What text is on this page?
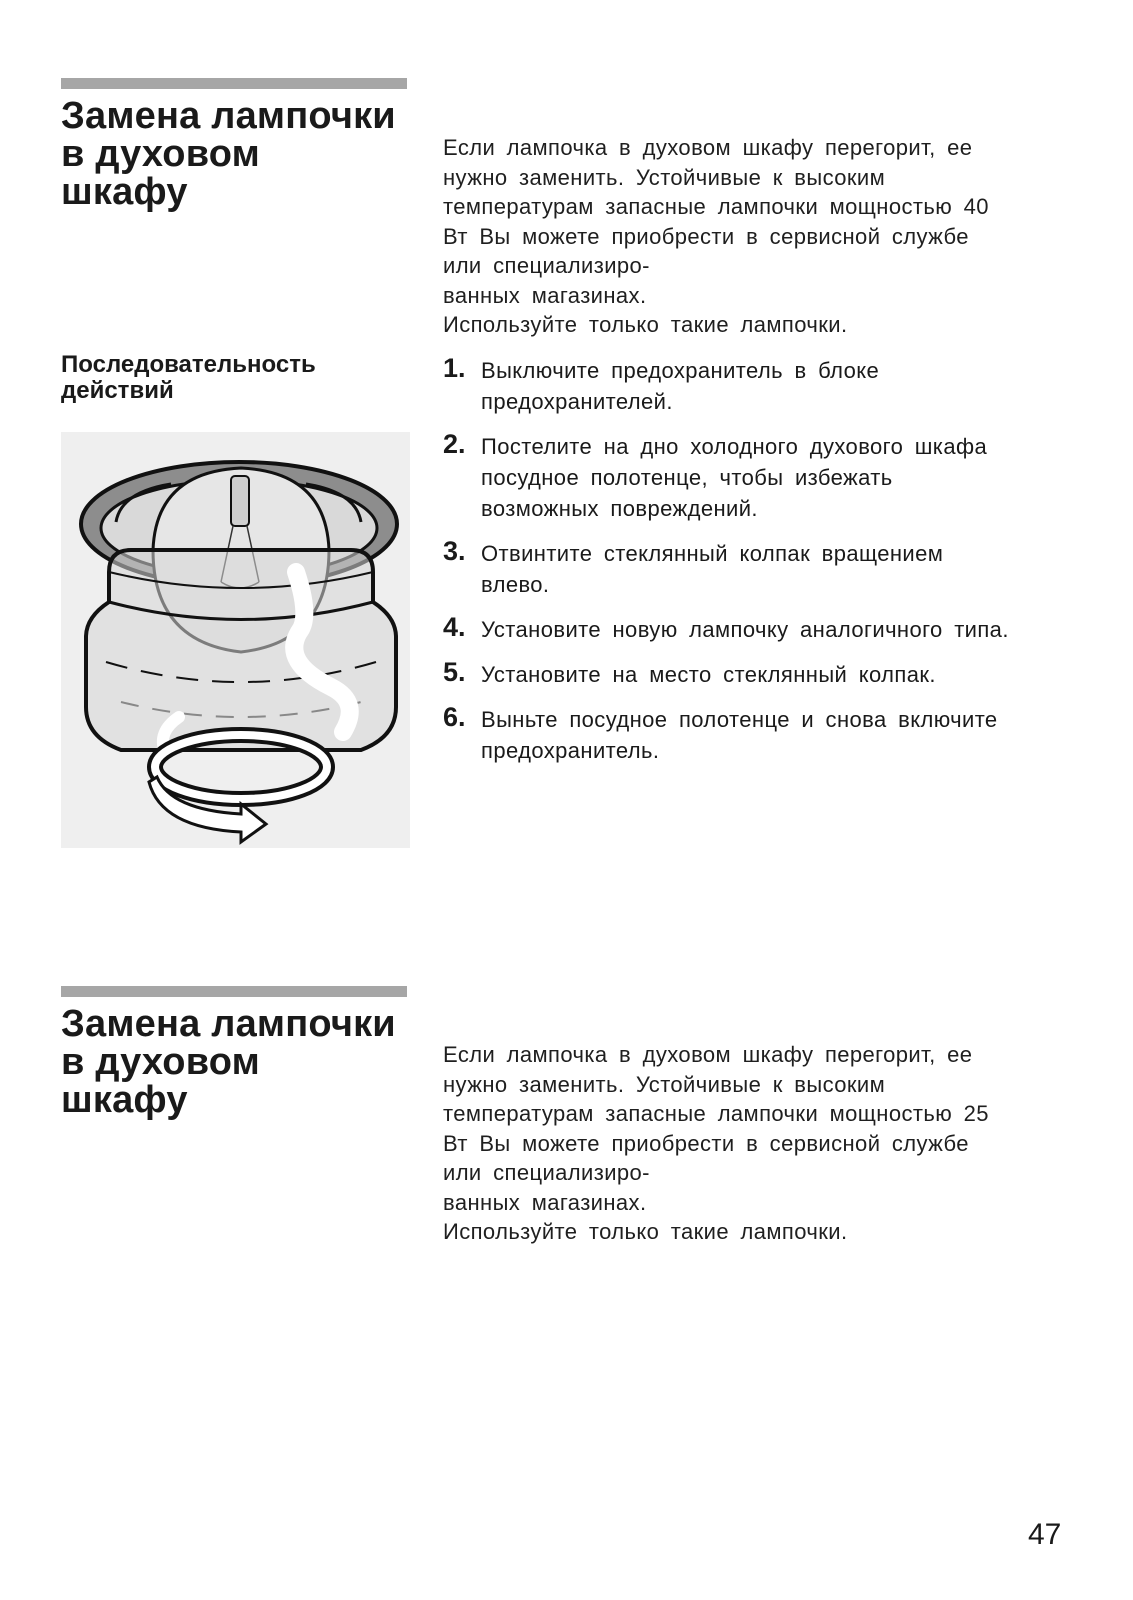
Замена лампочки
в духовом
шкафу
Если лампочка в духовом шкафу перегорит, ее
нужно заменить. Устойчивые к высоким
температурам запасные лампочки мощностью 40
Вт Вы можете приобрести в сервисной службе
или специализиро-
ванных магазинах.
Используйте только такие лампочки.
Последовательность
действий
1. Выключите предохранитель в блоке
предохранителей.
2. Постелите на дно холодного духового шкафа
посудное полотенце, чтобы избежать
возможных повреждений.
3. Отвинтите стеклянный колпак вращением
влево.
4. Установите новую лампочку аналогичного типа.
5. Установите на место стеклянный колпак.
6. Выньте посудное полотенце и снова включите
предохранитель.
Замена лампочки
в духовом
шкафу
Если лампочка в духовом шкафу перегорит, ее
нужно заменить. Устойчивые к высоким
температурам запасные лампочки мощностью 25
Вт Вы можете приобрести в сервисной службе
или специализиро-
ванных магазинах.
Используйте только такие лампочки.
47
